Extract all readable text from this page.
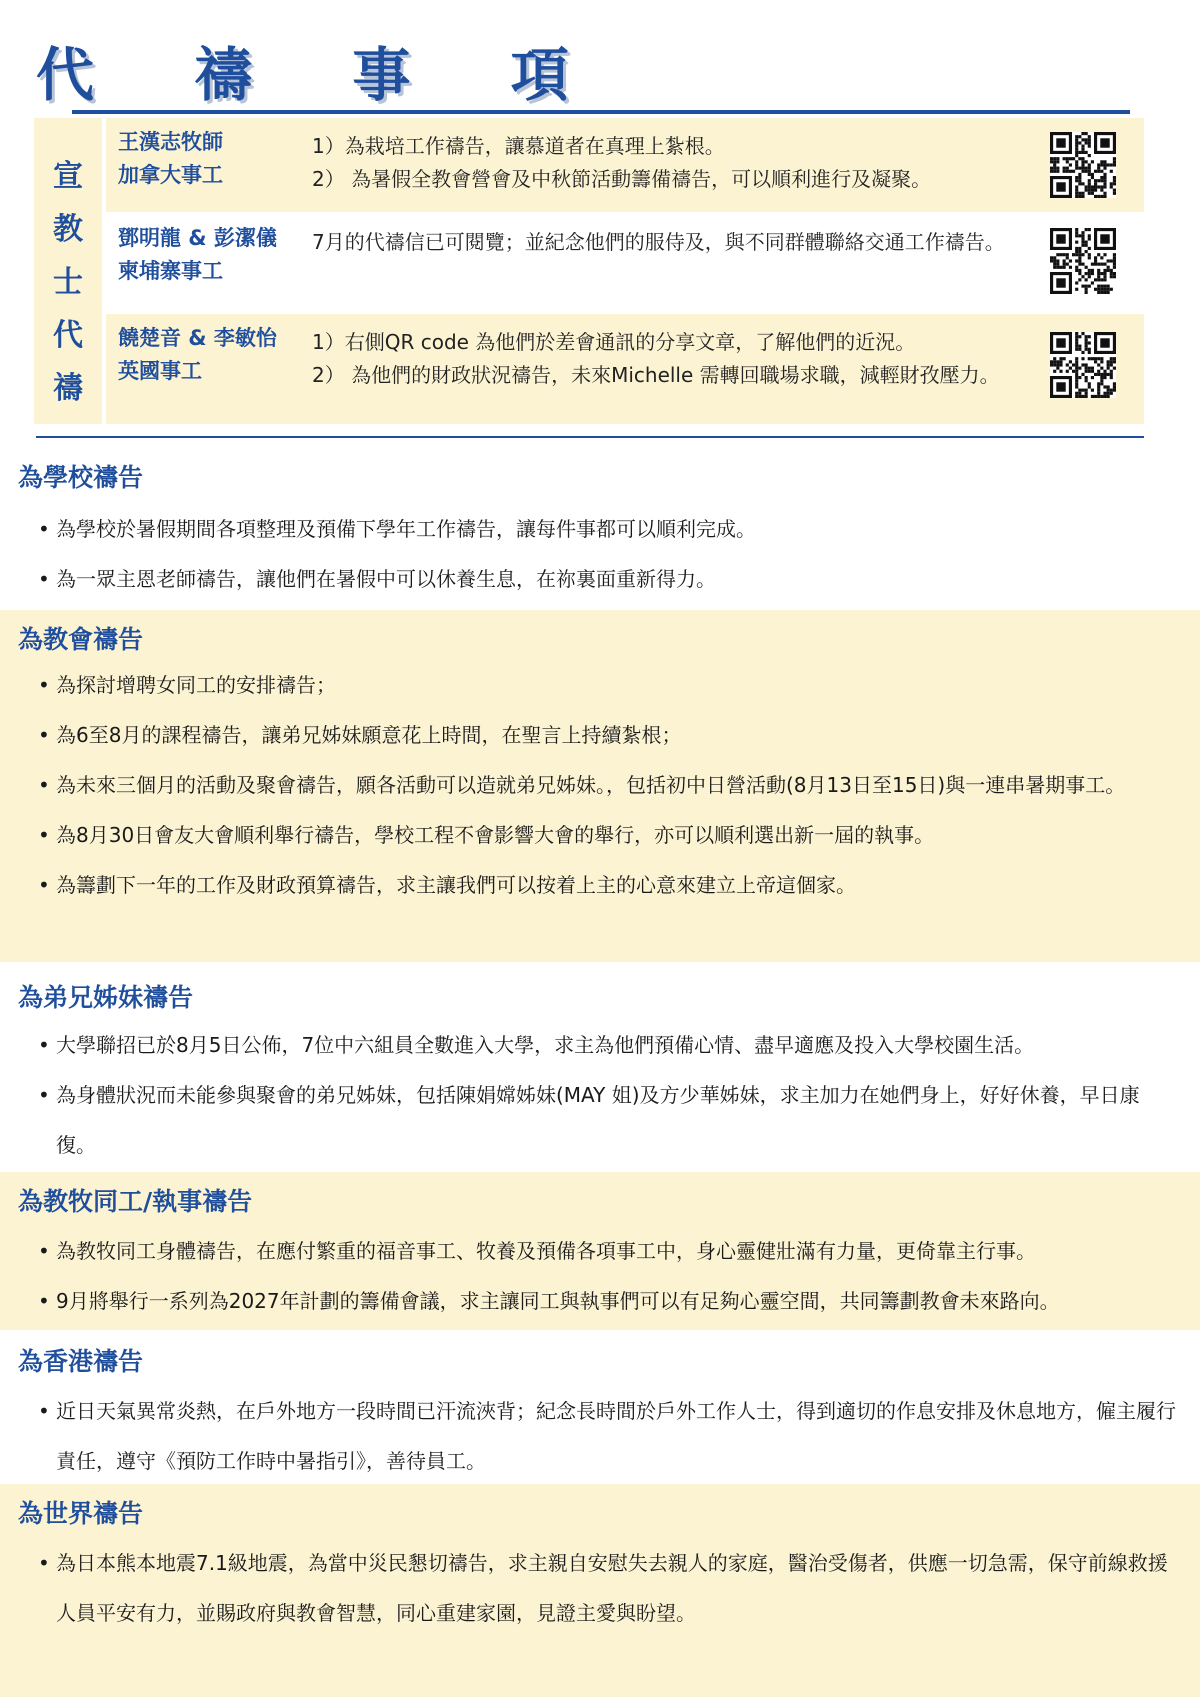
代 禱 事 項
宣
教
士
代
禱
王漢志牧師
加拿大事工
1）為栽培工作禱告，讓慕道者在真理上紮根。
2） 為暑假全教會營會及中秋節活動籌備禱告，可以順利進行及凝聚。
鄧明龍 & 彭潔儀
柬埔寨事工
7月的代禱信已可閱覽；並紀念他們的服侍及，與不同群體聯絡交通工作禱告。
饒楚音 & 李敏怡
英國事工
1）右側QR code 為他們於差會通訊的分享文章，了解他們的近況。
2） 為他們的財政狀況禱告，未來Michelle 需轉回職場求職，減輕財孜壓力。
為學校禱告
• 為學校於暑假期間各項整理及預備下學年工作禱告，讓每件事都可以順利完成。
• 為一眾主恩老師禱告，讓他們在暑假中可以休養生息，在祢裏面重新得力。
為教會禱告
• 為探討增聘女同工的安排禱告；
• 為6至8月的課程禱告，讓弟兄姊妹願意花上時間，在聖言上持續紮根；
• 為未來三個月的活動及聚會禱告，願各活動可以造就弟兄姊妹。，包括初中日營活動(8月13日至15日)與一連串暑期事工。
• 為8月30日會友大會順利舉行禱告，學校工程不會影響大會的舉行，亦可以順利選出新一屆的執事。
• 為籌劃下一年的工作及財政預算禱告，求主讓我們可以按着上主的心意來建立上帝這個家。
為弟兄姊妹禱告
• 大學聯招已於8月5日公佈，7位中六組員全數進入大學，求主為他們預備心情、盡早適應及投入大學校園生活。
• 為身體狀況而未能參與聚會的弟兄姊妹，包括陳娟嫦姊妹(MAY 姐)及方少華姊妹，求主加力在她們身上，好好休養，早日康復。
為教牧同工/執事禱告
• 為教牧同工身體禱告，在應付繁重的福音事工、牧養及預備各項事工中，身心靈健壯滿有力量，更倚靠主行事。
• 9月將舉行一系列為2027年計劃的籌備會議，求主讓同工與執事們可以有足夠心靈空間，共同籌劃教會未來路向。
為香港禱告
• 近日天氣異常炎熱，在戶外地方一段時間已汗流浹背；紀念長時間於戶外工作人士，得到適切的作息安排及休息地方，僱主履行責任，遵守《預防工作時中暑指引》，善待員工。
為世界禱告
• 為日本熊本地震7.1級地震，為當中災民懇切禱告，求主親自安慰失去親人的家庭，醫治受傷者，供應一切急需，保守前線救援人員平安有力，並賜政府與教會智慧，同心重建家園，見證主愛與盼望。
